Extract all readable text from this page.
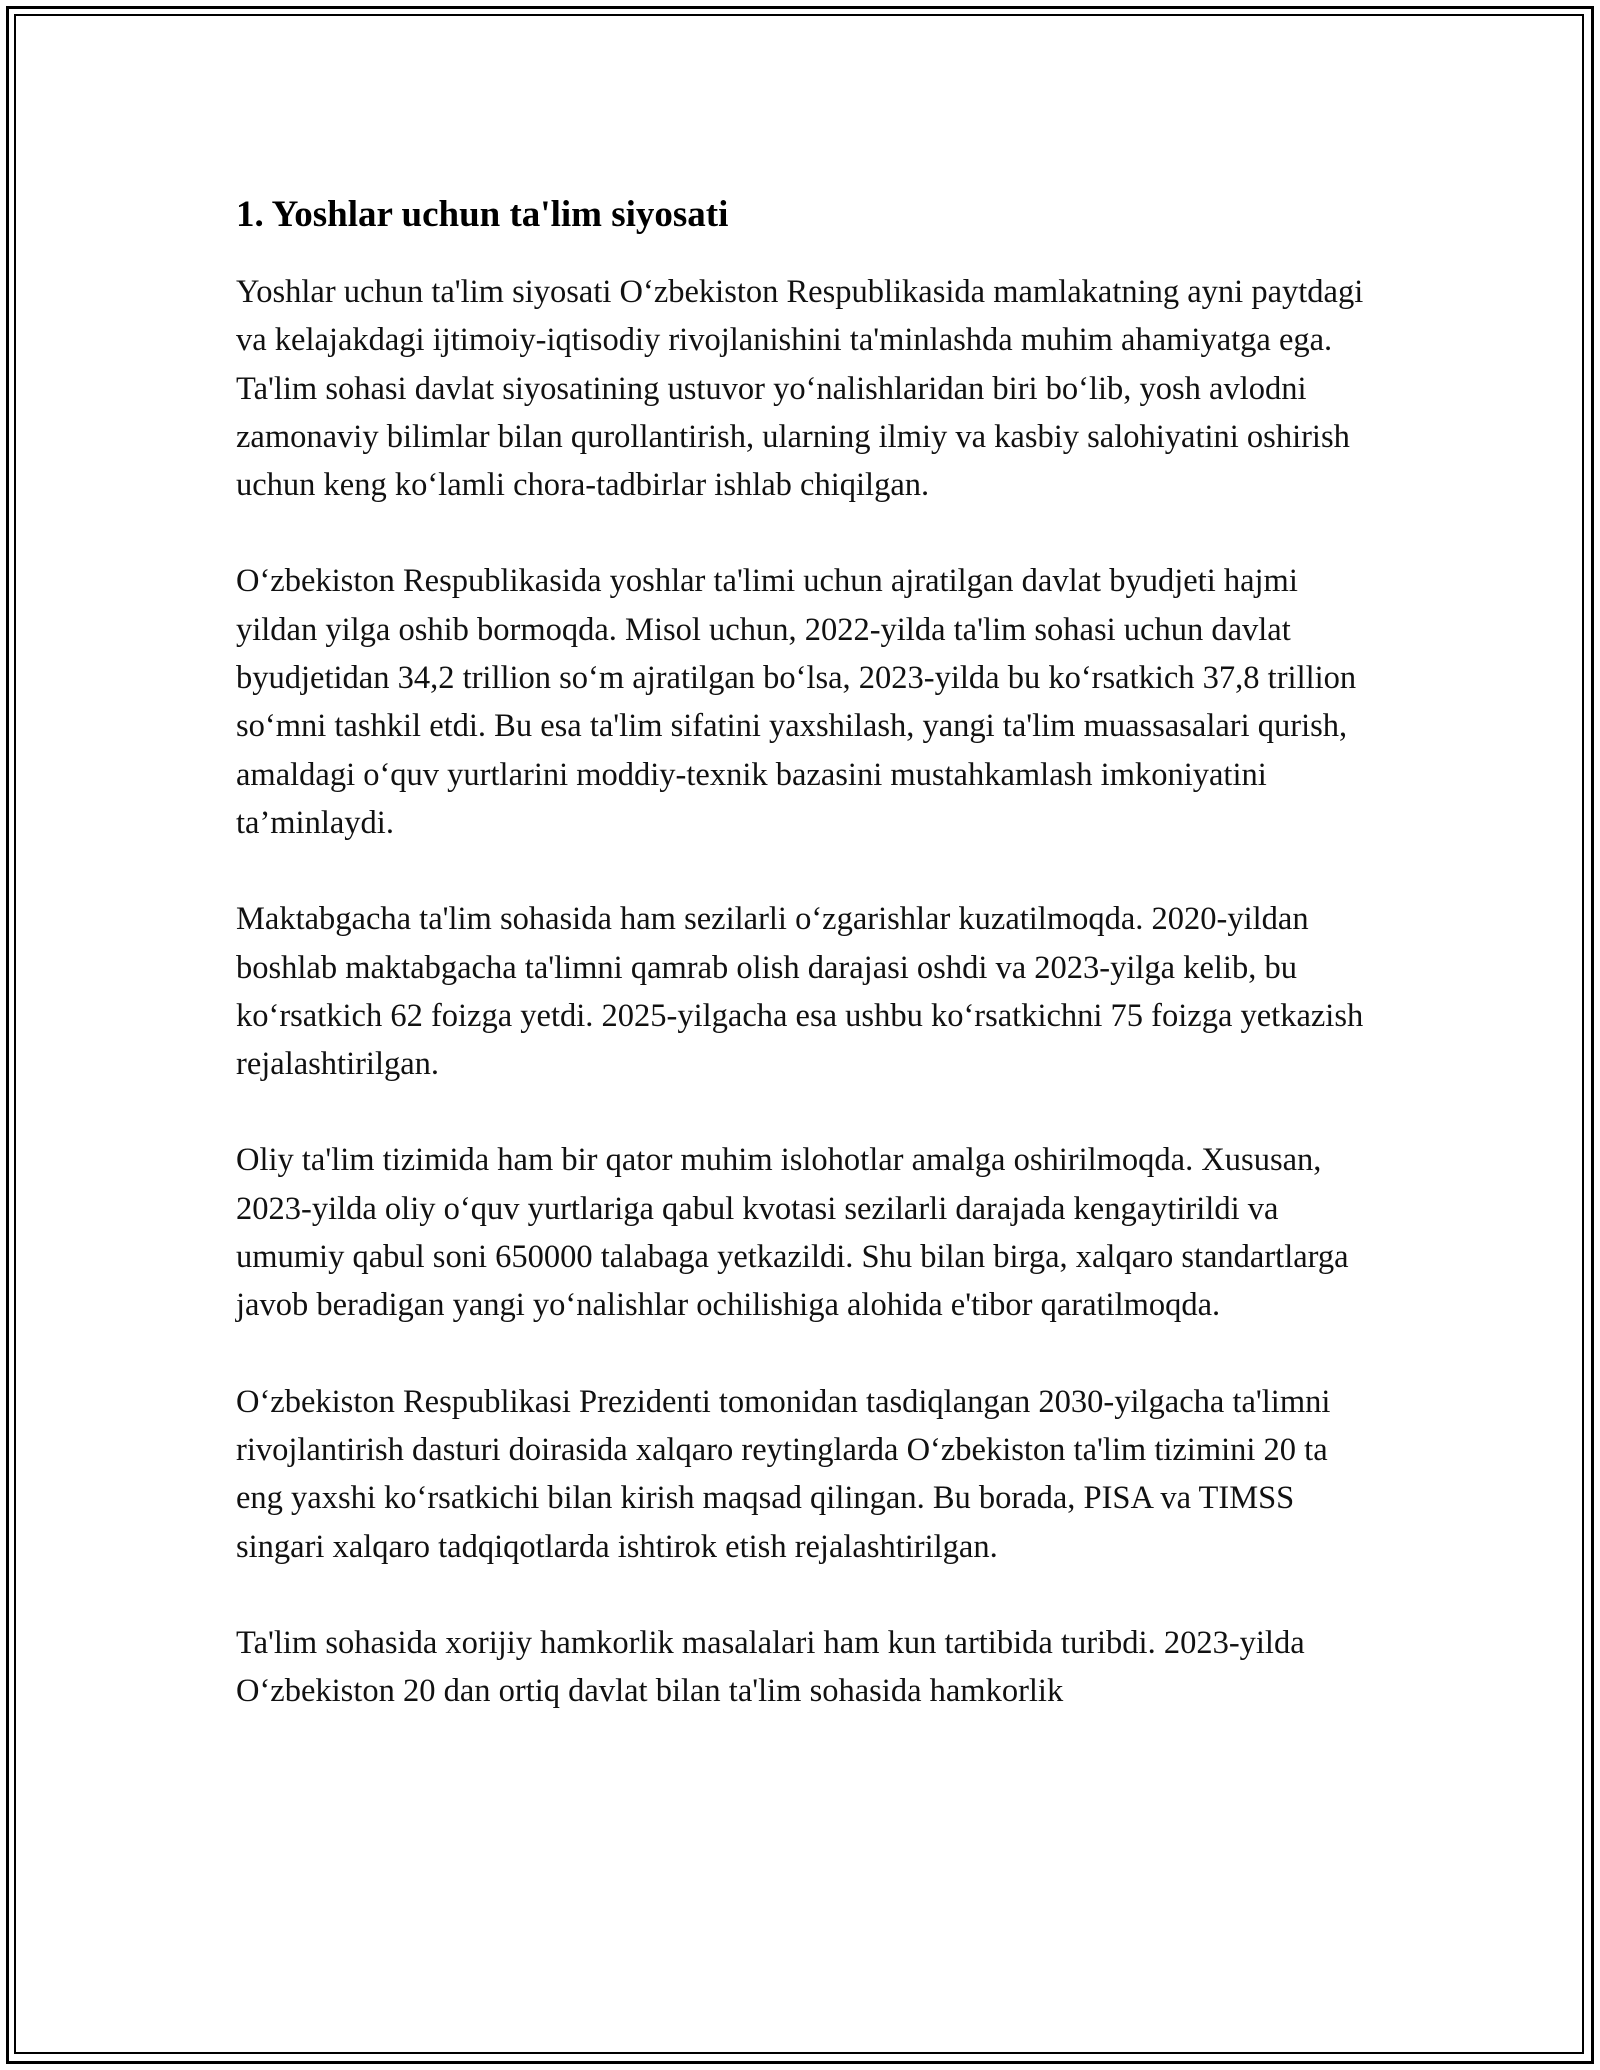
1. Yoshlar uchun ta'lim siyosati

Yoshlar uchun ta'lim siyosati O‘zbekiston Respublikasida mamlakatning ayni paytdagi va kelajakdagi ijtimoiy-iqtisodiy rivojlanishini ta'minlashda muhim ahamiyatga ega. Ta'lim sohasi davlat siyosatining ustuvor yo‘nalishlaridan biri bo‘lib, yosh avlodni zamonaviy bilimlar bilan qurollantirish, ularning ilmiy va kasbiy salohiyatini oshirish uchun keng ko‘lamli chora-tadbirlar ishlab chiqilgan.

O‘zbekiston Respublikasida yoshlar ta'limi uchun ajratilgan davlat byudjeti hajmi yildan yilga oshib bormoqda. Misol uchun, 2022-yilda ta'lim sohasi uchun davlat byudjetidan 34,2 trillion so‘m ajratilgan bo‘lsa, 2023-yilda bu ko‘rsatkich 37,8 trillion so‘mni tashkil etdi. Bu esa ta'lim sifatini yaxshilash, yangi ta'lim muassasalari qurish, amaldagi o‘quv yurtlarini moddiy-texnik bazasini mustahkamlash imkoniyatini ta’minlaydi.

Maktabgacha ta'lim sohasida ham sezilarli o‘zgarishlar kuzatilmoqda. 2020-yildan boshlab maktabgacha ta'limni qamrab olish darajasi oshdi va 2023-yilga kelib, bu ko‘rsatkich 62 foizga yetdi. 2025-yilgacha esa ushbu ko‘rsatkichni 75 foizga yetkazish rejalashtirilgan.

Oliy ta'lim tizimida ham bir qator muhim islohotlar amalga oshirilmoqda. Xususan, 2023-yilda oliy o‘quv yurtlariga qabul kvotasi sezilarli darajada kengaytirildi va umumiy qabul soni 650000 talabaga yetkazildi. Shu bilan birga, xalqaro standartlarga javob beradigan yangi yo‘nalishlar ochilishiga alohida e'tibor qaratilmoqda.

O‘zbekiston Respublikasi Prezidenti tomonidan tasdiqlangan 2030-yilgacha ta'limni rivojlantirish dasturi doirasida xalqaro reytinglarda O‘zbekiston ta'lim tizimini 20 ta eng yaxshi ko‘rsatkichi bilan kirish maqsad qilingan. Bu borada, PISA va TIMSS singari xalqaro tadqiqotlarda ishtirok etish rejalashtirilgan.

Ta'lim sohasida xorijiy hamkorlik masalalari ham kun tartibida turibdi. 2023-yilda O‘zbekiston 20 dan ortiq davlat bilan ta'lim sohasida hamkorlik
